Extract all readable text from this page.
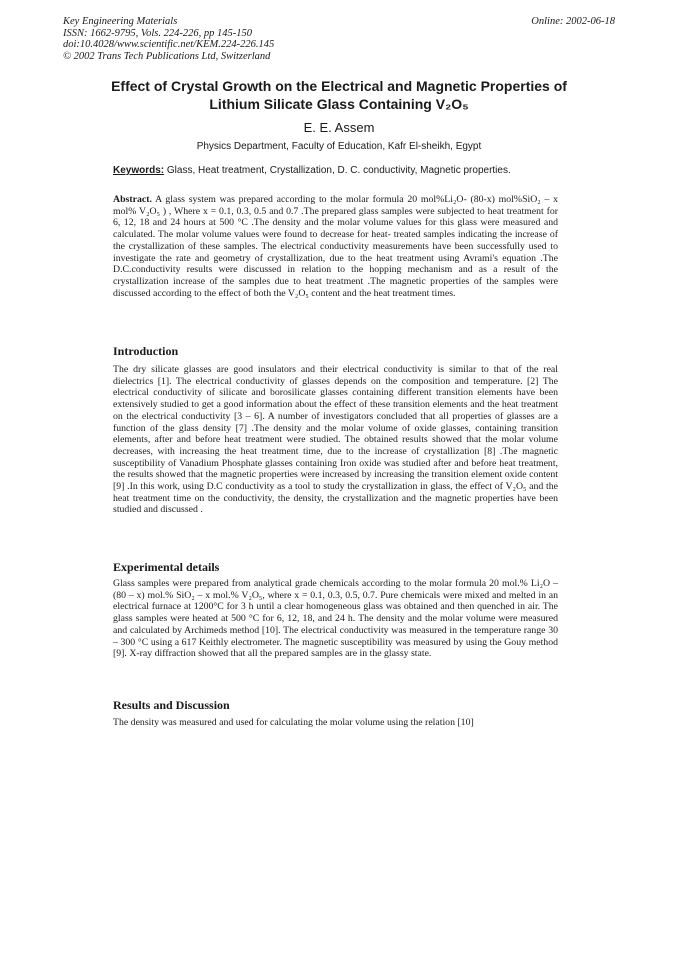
Key Engineering Materials
ISSN: 1662-9795, Vols. 224-226, pp 145-150
doi:10.4028/www.scientific.net/KEM.224-226.145
© 2002 Trans Tech Publications Ltd, Switzerland
Online: 2002-06-18
Effect of Crystal Growth on the Electrical and Magnetic Properties of Lithium Silicate Glass Containing V₂O₅
E. E. Assem
Physics Department, Faculty of Education, Kafr El-sheikh, Egypt
Keywords: Glass, Heat treatment, Crystallization, D. C. conductivity, Magnetic properties.
Abstract. A glass system was prepared according to the molar formula 20 mol%Li₂O- (80-x) mol%SiO₂ – x mol% V₂O₅ ) , Where x = 0.1, 0.3, 0.5 and 0.7 .The prepared glass samples were subjected to heat treatment for 6, 12, 18 and 24 hours at 500 °C .The density and the molar volume values for this glass were measured and calculated. The molar volume values were found to decrease for heat- treated samples indicating the increase of the crystallization of these samples. The electrical conductivity measurements have been successfully used to investigate the rate and geometry of crystallization, due to the heat treatment using Avrami's equation .The D.C.conductivity results were discussed in relation to the hopping mechanism and as a result of the crystallization increase of the samples due to heat treatment .The magnetic properties of the samples were discussed according to the effect of both the V₂O₅ content and the heat treatment times.
Introduction
The dry silicate glasses are good insulators and their electrical conductivity is similar to that of the real dielectrics [1]. The electrical conductivity of glasses depends on the composition and temperature. [2] The electrical conductivity of silicate and borosilicate glasses containing different transition elements have been extensively studied to get a good information about the effect of these transition elements and the heat treatment on the electrical conductivity [3 – 6]. A number of investigators concluded that all properties of glasses are a function of the glass density [7] .The density and the molar volume of oxide glasses, containing transition elements, after and before heat treatment were studied. The obtained results showed that the molar volume decreases, with increasing the heat treatment time, due to the increase of crystallization [8] .The magnetic susceptibility of Vanadium Phosphate glasses containing Iron oxide was studied after and before heat treatment, the results showed that the magnetic properties were increased by increasing the transition element oxide content [9] .In this work, using D.C conductivity as a tool to study the crystallization in glass, the effect of V₂O₅ and the heat treatment time on the conductivity, the density, the crystallization and the magnetic properties have been studied and discussed .
Experimental details
Glass samples were prepared from analytical grade chemicals according to the molar formula 20 mol.% Li₂O – (80 – x) mol.% SiO₂ – x mol.% V₂O₅, where x = 0.1, 0.3, 0.5, 0.7. Pure chemicals were mixed and melted in an electrical furnace at 1200°C for 3 h until a clear homogeneous glass was obtained and then quenched in air. The glass samples were heated at 500 °C for 6, 12, 18, and 24 h. The density and the molar volume were measured and calculated by Archimeds method [10]. The electrical conductivity was measured in the temperature range 30 – 300 °C using a 617 Keithly electrometer. The magnetic susceptibility was measured by using the Gouy method [9]. X-ray diffraction showed that all the prepared samples are in the glassy state.
Results and Discussion
The density was measured and used for calculating the molar volume using the relation [10]
